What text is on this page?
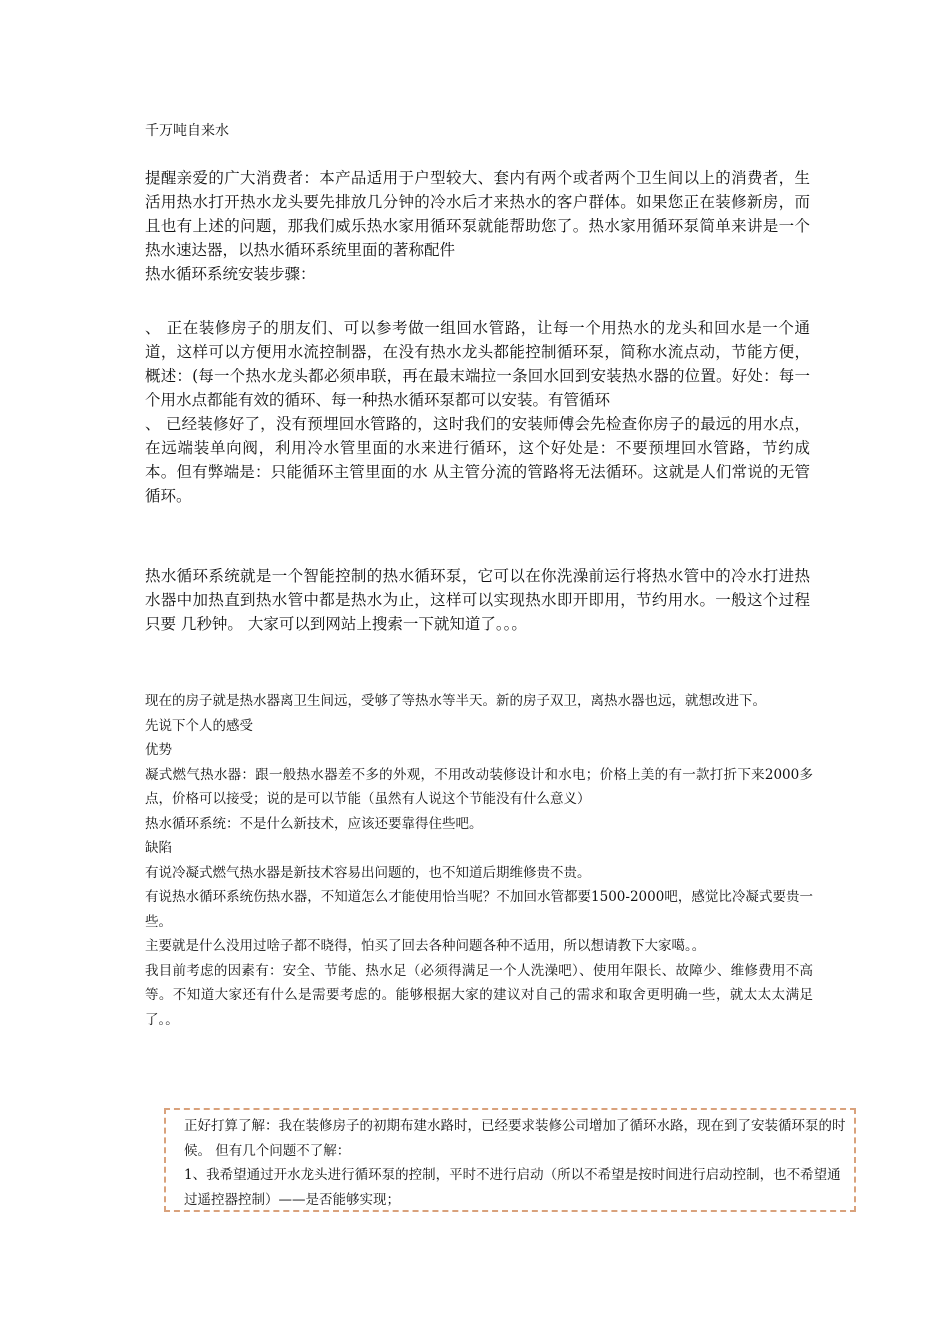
千万吨自来水

提醒亲爱的广大消费者：本产品适用于户型较大、套内有两个或者两个卫生间以上的消费者，生活用热水打开热水龙头要先排放几分钟的冷水后才来热水的客户群体。如果您正在装修新房，而且也有上述的问题，那我们威乐热水家用循环泵就能帮助您了。热水家用循环泵简单来讲是一个热水速达器，以热水循环系统里面的著称配件

热水循环系统安装步骤：

、 正在装修房子的朋友们、可以参考做一组回水管路，让每一个用热水的龙头和回水是一个通道，这样可以方便用水流控制器，在没有热水龙头都能控制循环泵，简称水流点动，节能方便，概述：(每一个热水龙头都必须串联，再在最末端拉一条回水回到安装热水器的位置。好处：每一个用水点都能有效的循环、每一种热水循环泵都可以安装。有管循环

、 已经装修好了，没有预埋回水管路的，这时我们的安装师傅会先检查你房子的最远的用水点，在远端装单向阀，利用冷水管里面的水来进行循环，这个好处是：不要预埋回水管路，节约成本。但有弊端是：只能循环主管里面的水 从主管分流的管路将无法循环。这就是人们常说的无管循环。

热水循环系统就是一个智能控制的热水循环泵，它可以在你洗澡前运行将热水管中的冷水打进热水器中加热直到热水管中都是热水为止，这样可以实现热水即开即用，节约用水。一般这个过程只要 几秒钟。 大家可以到网站上搜索一下就知道了。。。

现在的房子就是热水器离卫生间远，受够了等热水等半天。新的房子双卫，离热水器也远，就想改进下。

先说下个人的感受

优势

凝式燃气热水器：跟一般热水器差不多的外观，不用改动装修设计和水电；价格上美的有一款打折下来2000多点，价格可以接受；说的是可以节能（虽然有人说这个节能没有什么意义）

热水循环系统：不是什么新技术，应该还要靠得住些吧。

缺陷

有说冷凝式燃气热水器是新技术容易出问题的，也不知道后期维修贵不贵。

有说热水循环系统伤热水器，不知道怎么才能使用恰当呢？不加回水管都要1500-2000吧，感觉比冷凝式要贵一些。

主要就是什么没用过啥子都不晓得，怕买了回去各种问题各种不适用，所以想请教下大家噶。。

我目前考虑的因素有：安全、节能、热水足（必须得满足一个人洗澡吧）、使用年限长、故障少、维修费用不高等。不知道大家还有什么是需要考虑的。能够根据大家的建议对自己的需求和取舍更明确一些，就太太太满足了。。

正好打算了解：我在装修房子的初期布建水路时，已经要求装修公司增加了循环水路，现在到了安装循环泵的时候。 但有几个问题不了解：

1、我希望通过开水龙头进行循环泵的控制，平时不进行启动（所以不希望是按时间进行启动控制，也不希望通过遥控器控制）——是否能够实现；
